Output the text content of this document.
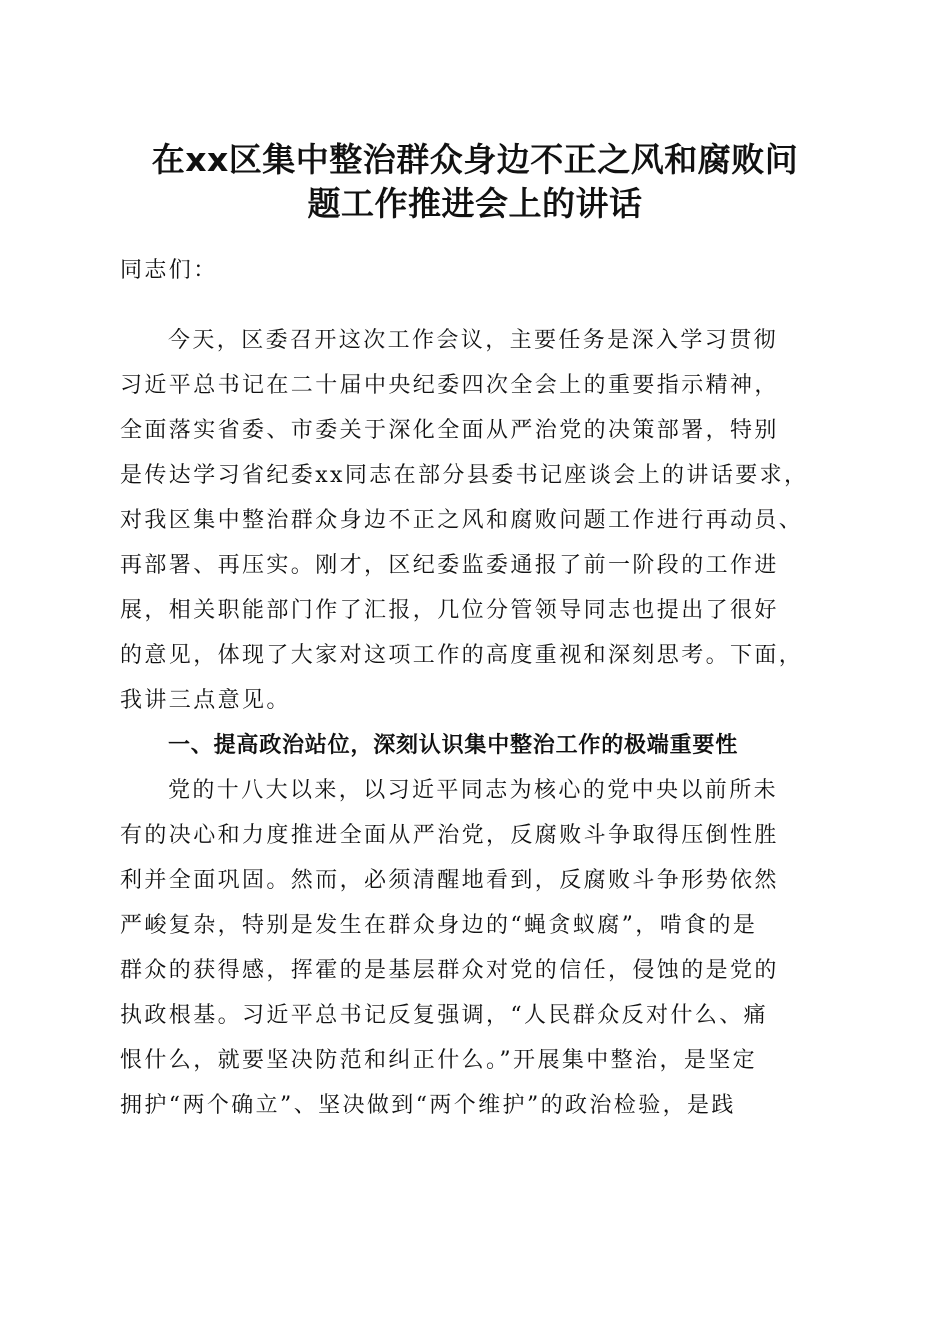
在xx区集中整治群众身边不正之风和腐败问
题工作推进会上的讲话
同志们：
今天，区委召开这次工作会议，主要任务是深入学习贯彻
习近平总书记在二十届中央纪委四次全会上的重要指示精神，
全面落实省委、市委关于深化全面从严治党的决策部署，特别
是传达学习省纪委xx同志在部分县委书记座谈会上的讲话要求，
对我区集中整治群众身边不正之风和腐败问题工作进行再动员、
再部署、再压实。刚才，区纪委监委通报了前一阶段的工作进
展，相关职能部门作了汇报，几位分管领导同志也提出了很好
的意见，体现了大家对这项工作的高度重视和深刻思考。下面，
我讲三点意见。
一、提高政治站位，深刻认识集中整治工作的极端重要性
党的十八大以来，以习近平同志为核心的党中央以前所未
有的决心和力度推进全面从严治党，反腐败斗争取得压倒性胜
利并全面巩固。然而，必须清醒地看到，反腐败斗争形势依然
严峻复杂，特别是发生在群众身边的“蝇贪蚁腐”，啃食的是
群众的获得感，挥霍的是基层群众对党的信任，侵蚀的是党的
执政根基。习近平总书记反复强调，“人民群众反对什么、痛
恨什么，就要坚决防范和纠正什么。”开展集中整治，是坚定
拥护“两个确立”、坚决做到“两个维护”的政治检验，是践
